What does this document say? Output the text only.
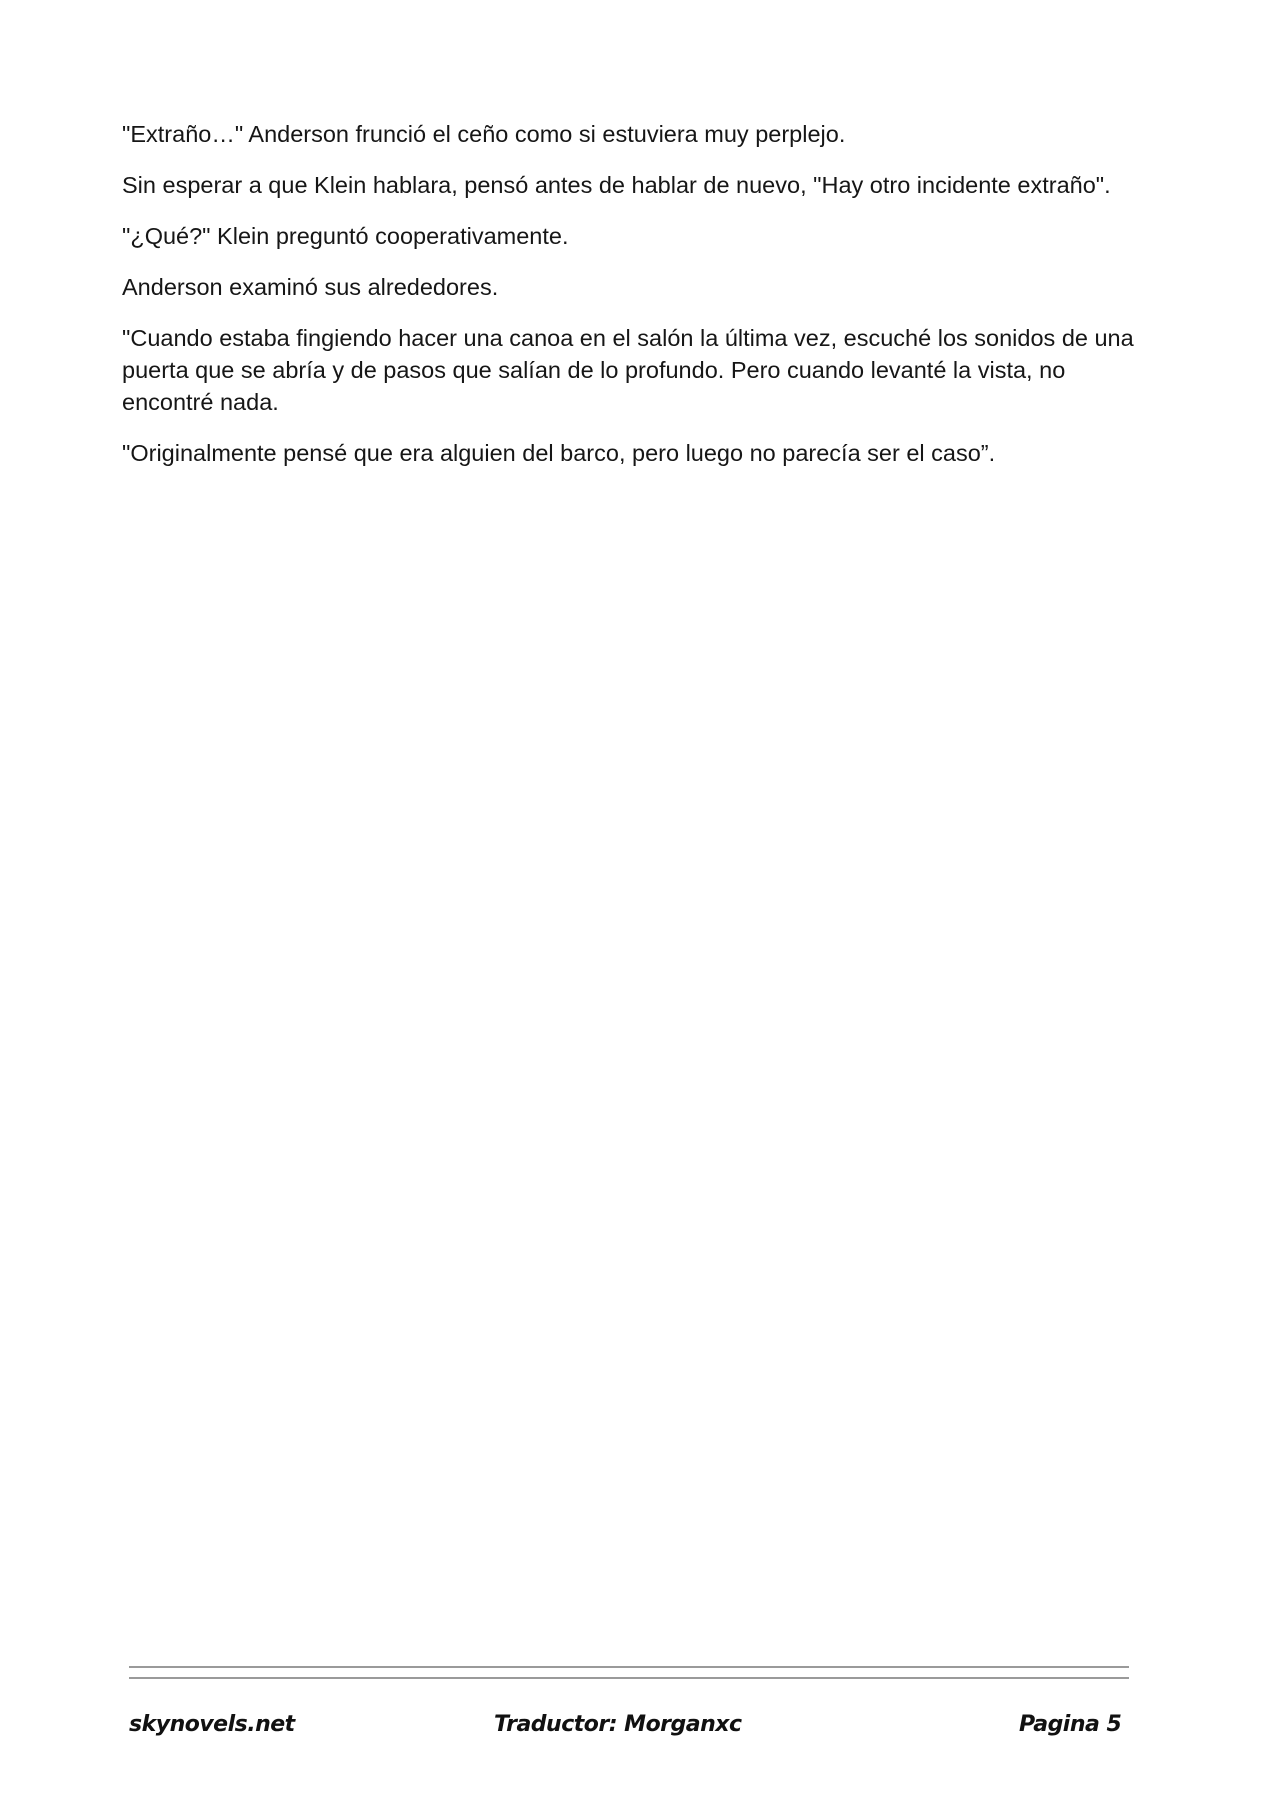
"Extraño…" Anderson frunció el ceño como si estuviera muy perplejo.

Sin esperar a que Klein hablara, pensó antes de hablar de nuevo, "Hay otro incidente extraño".

"¿Qué?" Klein preguntó cooperativamente.

Anderson examinó sus alrededores.

"Cuando estaba fingiendo hacer una canoa en el salón la última vez, escuché los sonidos de una puerta que se abría y de pasos que salían de lo profundo. Pero cuando levanté la vista, no encontré nada.

"Originalmente pensé que era alguien del barco, pero luego no parecía ser el caso”.

skynovels.net	Traductor: Morganxc	Pagina 5
